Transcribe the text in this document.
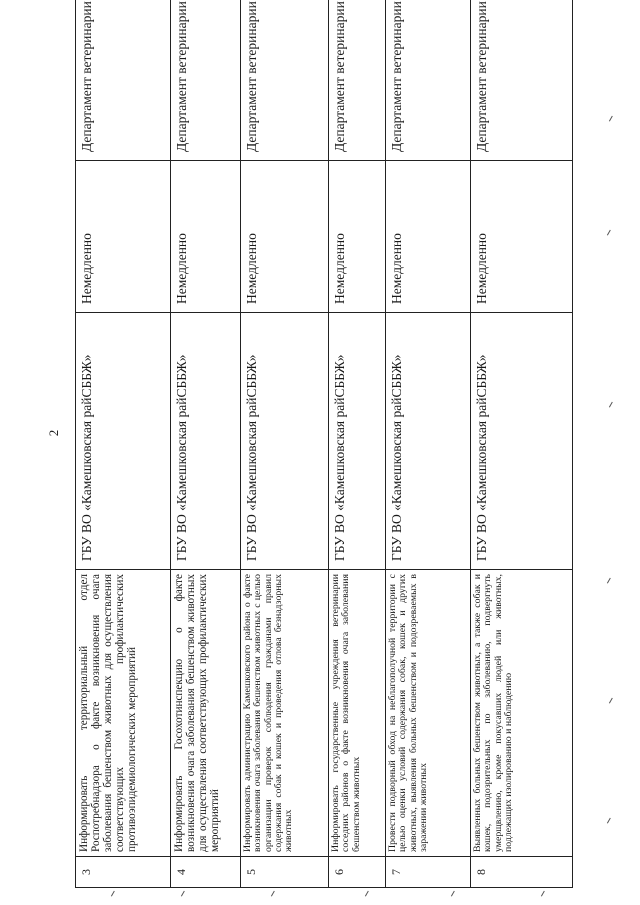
2
3	Информировать территориальный отдел Роспотребнадзора о факте возникновения очага заболевания бешенством животных для осуществления соответствующих профилактических противоэпидемиологических мероприятий	ГБУ ВО «Камешковская райСББЖ»	Немедленно	Департамент ветеринарии
4	Информировать Госохотинспекцию о факте возникновения очага заболевания бешенством животных для осуществления соответствующих профилактических мероприятий	ГБУ ВО «Камешковская райСББЖ»	Немедленно	Департамент ветеринарии
5	Информировать администрацию Камешковского района о факте возникновения очага заболевания бешенством животных с целью организации проверок соблюдения гражданами правил содержания собак и кошек и проведения отлова безнадзорных животных	ГБУ ВО «Камешковская райСББЖ»	Немедленно	Департамент ветеринарии
6	Информировать государственные учреждения ветеринарии соседних районов о факте возникновения очага заболевания бешенством животных	ГБУ ВО «Камешковская райСББЖ»	Немедленно	Департамент ветеринарии
7	Провести подворный обход на неблагополучной территории с целью оценки условий содержания собак, кошек и других животных, выявления больных бешенством и подозреваемых в заражении животных	ГБУ ВО «Камешковская райСББЖ»	Немедленно	Департамент ветеринарии
8	Выявленных больных бешенством животных, а также собак и кошек, подозрительных по заболеванию, подвергнуть умерщвлению, кроме покусавших людей или животных, подлежащих изолированию и наблюдению	ГБУ ВО «Камешковская райСББЖ»	Немедленно	Департамент ветеринарии
